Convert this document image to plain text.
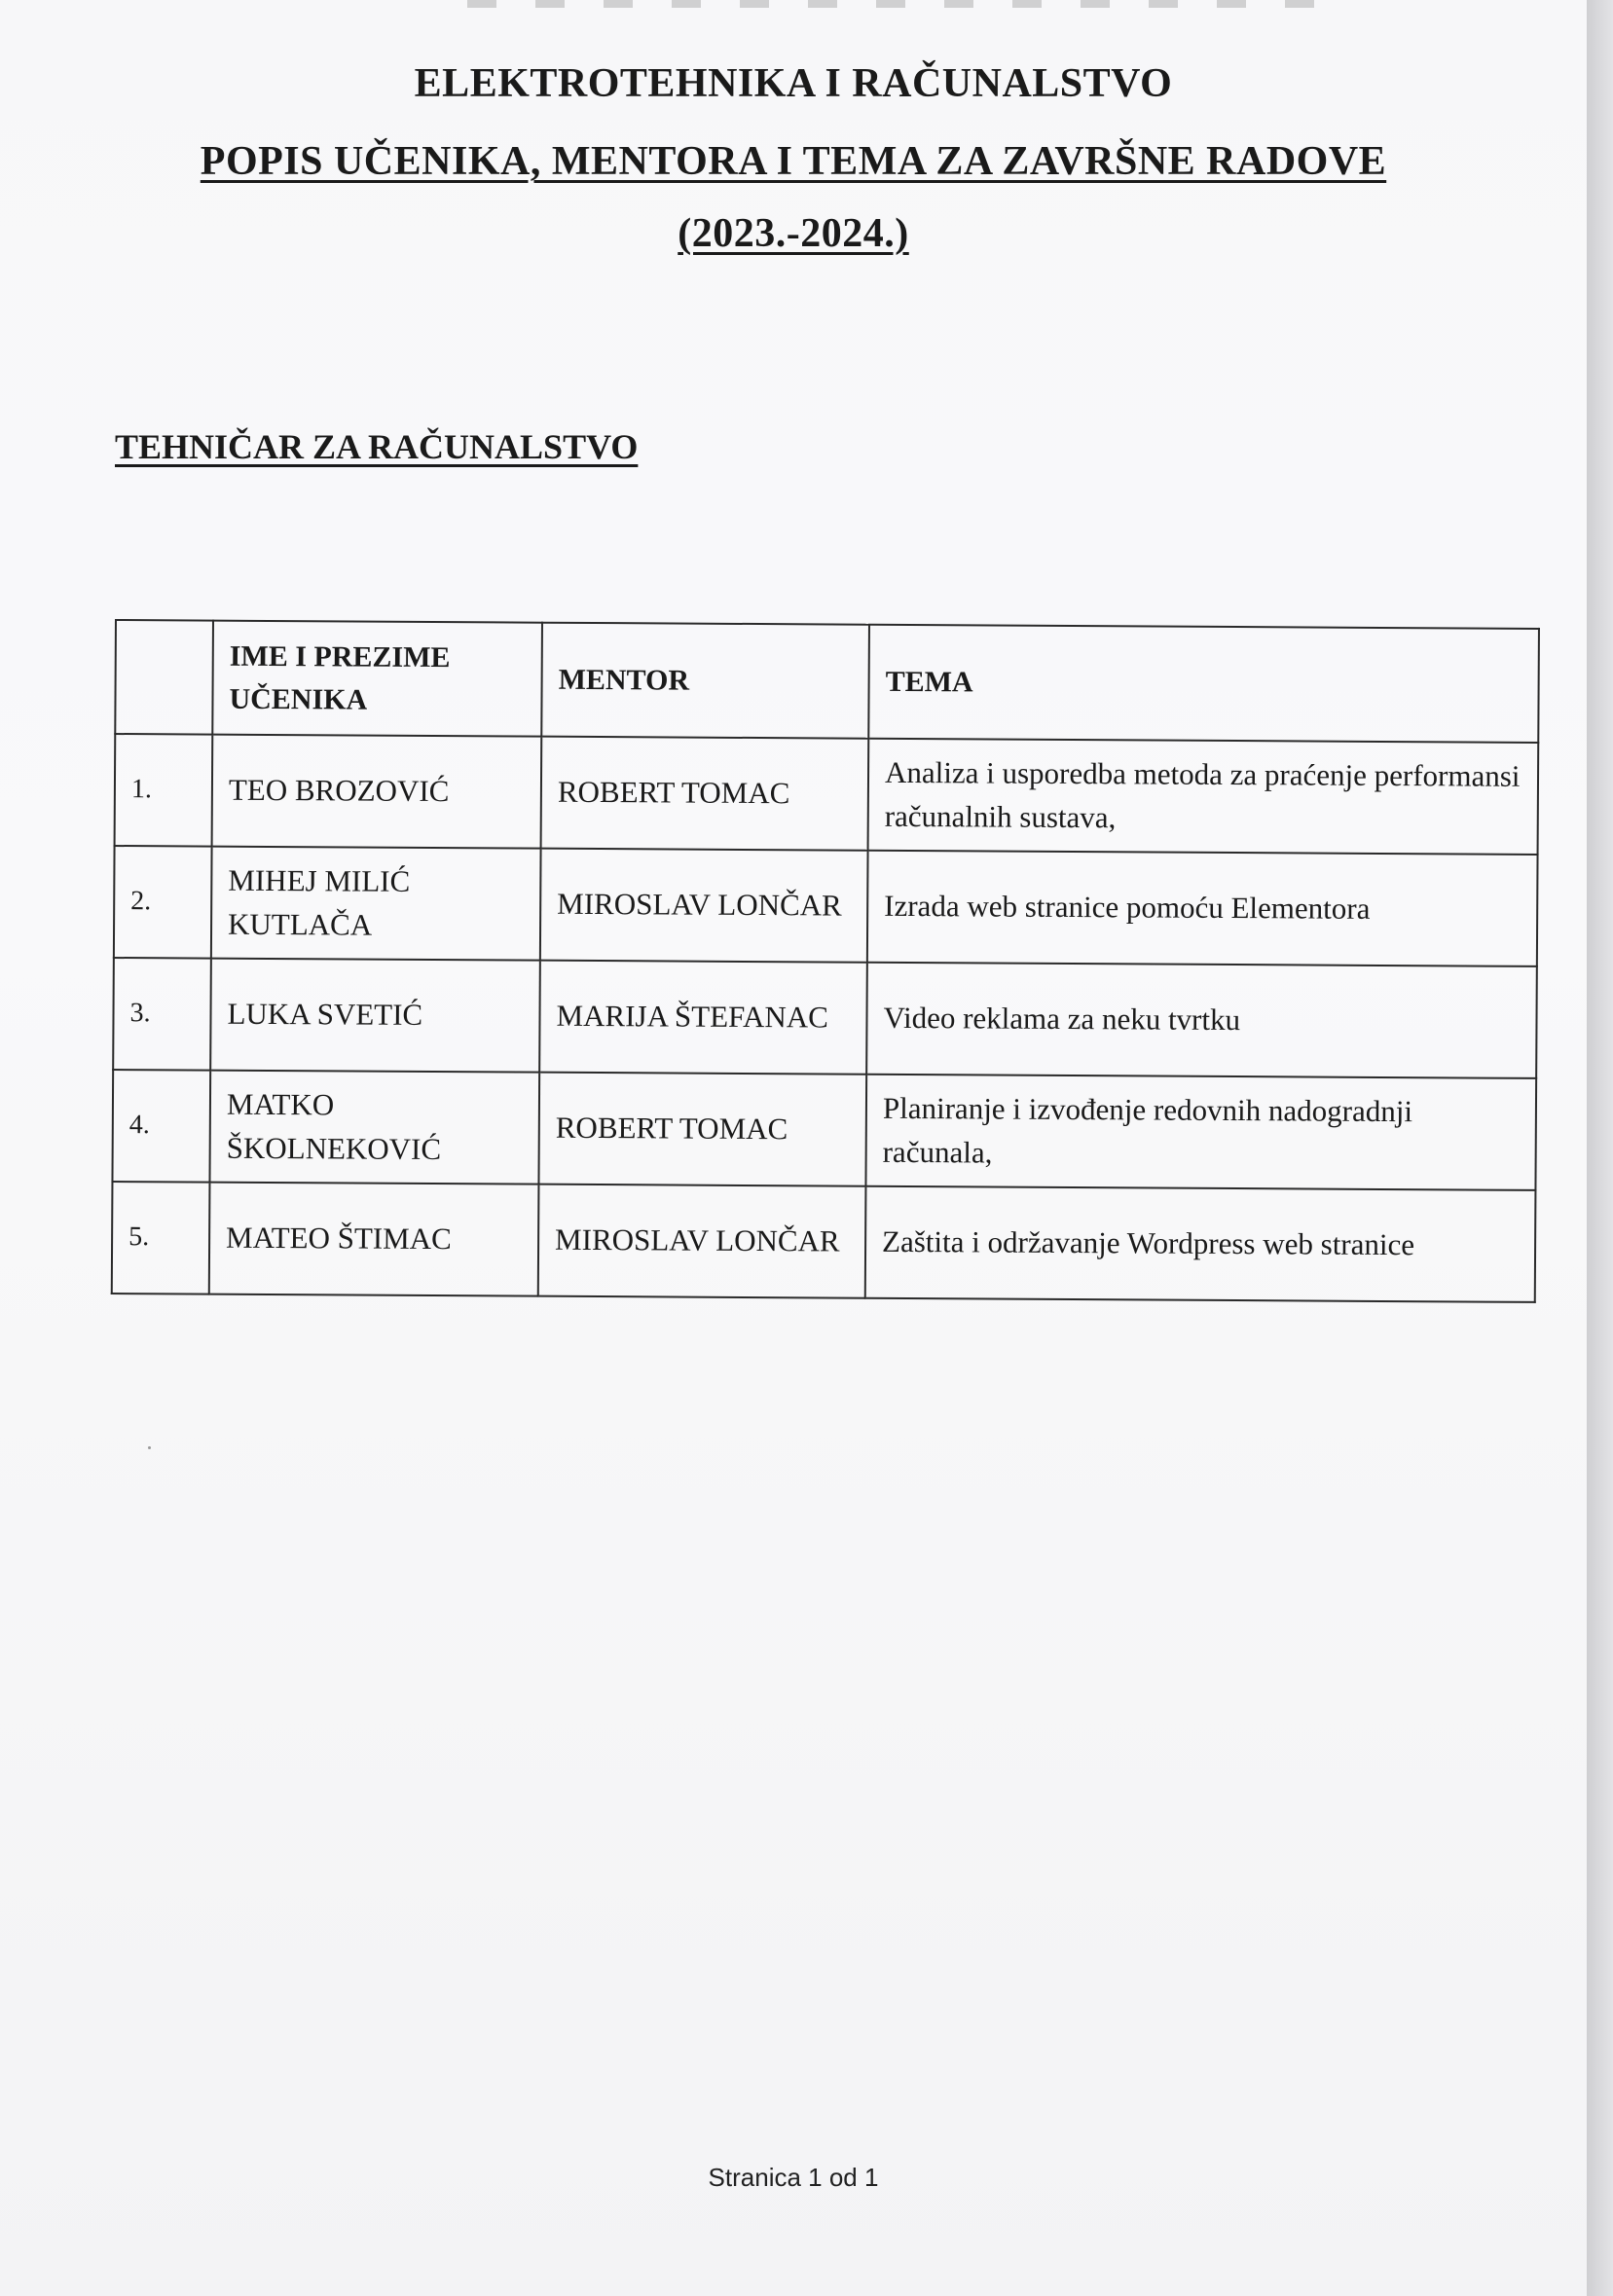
ELEKTROTEHNIKA I RAČUNALSTVO
POPIS UČENIKA, MENTORA I TEMA ZA ZAVRŠNE RADOVE
(2023.-2024.)
TEHNIČAR ZA RAČUNALSTVO
	IME I PREZIME UČENIKA	MENTOR	TEMA
1.	TEO BROZOVIĆ	ROBERT TOMAC	Analiza i usporedba metoda za praćenje performansi računalnih sustava,
2.	MIHEJ MILIĆ KUTLAČA	MIROSLAV LONČAR	Izrada web stranice pomoću Elementora
3.	LUKA SVETIĆ	MARIJA ŠTEFANAC	Video reklama za neku tvrtku
4.	MATKO ŠKOLNEKOVIĆ	ROBERT TOMAC	Planiranje i izvođenje redovnih nadogradnji računala,
5.	MATEO ŠTIMAC	MIROSLAV LONČAR	Zaštita i održavanje Wordpress web stranice
Stranica 1 od 1
